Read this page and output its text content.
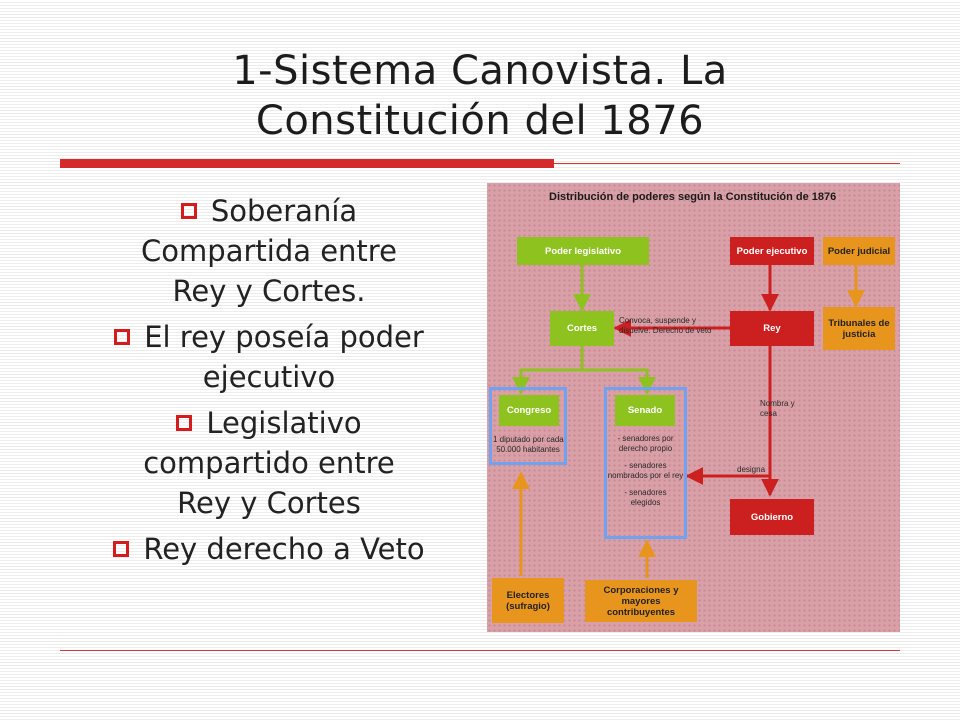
1-Sistema Canovista. La
Constitución del 1876
Soberanía
Compartida entre
Rey y Cortes.
El rey poseía poder
ejecutivo
Legislativo
compartido entre
Rey y Cortes
Rey derecho a Veto
Distribución de poderes según la Constitución de 1876
Poder legislativo	Poder ejecutivo	Poder judicial
Cortes	Rey	Tribunales de
justicia
Convoca, suspende y
disuelve. Derecho de veto
Congreso
1 diputado por cada
50.000 habitantes
Senado
- senadores por
derecho propio
- senadores
nombrados por el rey
- senadores
elegidos
Nombra y
cesa
designa
Gobierno
Electores
(sufragio)
Corporaciones y mayores
contribuyentes
